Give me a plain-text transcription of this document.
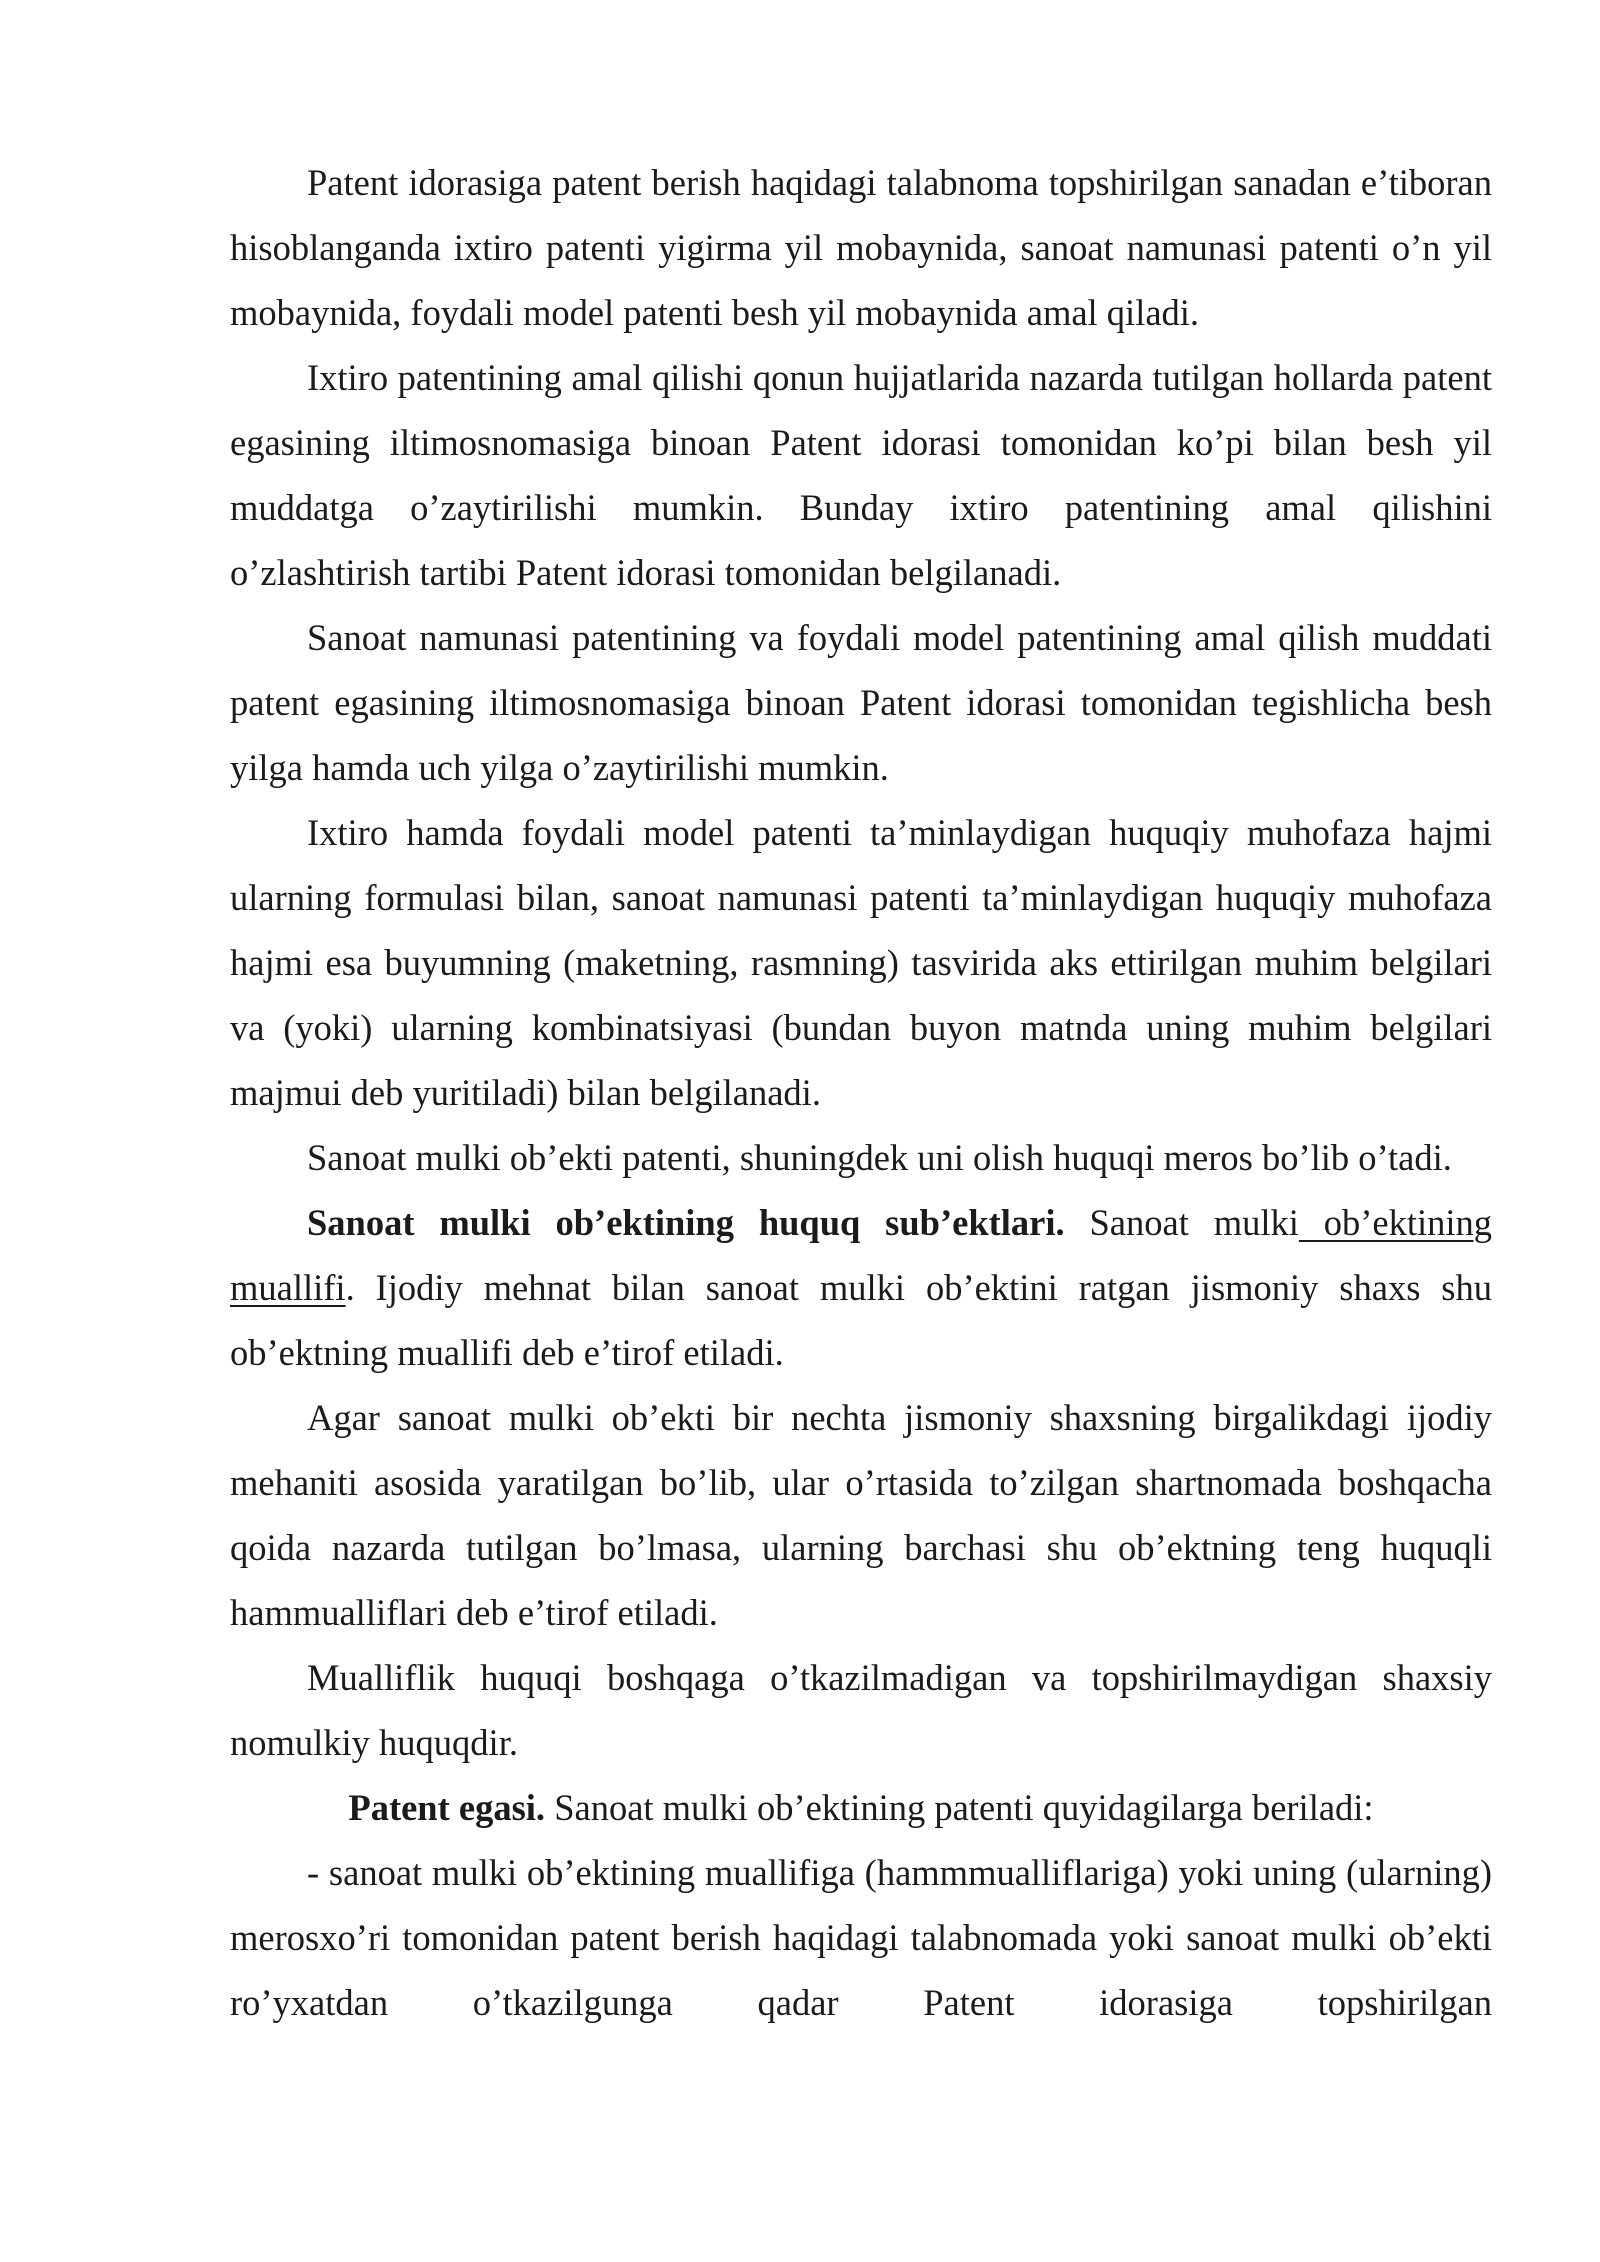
Patent idorasiga patent berish haqidagi talabnoma topshirilgan sanadan e’tiboran hisoblanganda ixtiro patenti yigirma yil mobaynida, sanoat namunasi patenti o’n yil mobaynida, foydali model patenti besh yil mobaynida amal qiladi.

Ixtiro patentining amal qilishi qonun hujjatlarida nazarda tutilgan hollarda patent egasining iltimosnomasiga binoan Patent idorasi tomonidan ko’pi bilan besh yil muddatga o’zaytirilishi mumkin. Bunday ixtiro patentining amal qilishini o’zlashtirish tartibi Patent idorasi tomonidan belgilanadi.

Sanoat namunasi patentining va foydali model patentining amal qilish muddati patent egasining iltimosnomasiga binoan Patent idorasi tomonidan tegishlicha besh yilga hamda uch yilga o’zaytirilishi mumkin.

Ixtiro hamda foydali model patenti ta’minlaydigan huquqiy muhofaza hajmi ularning formulasi bilan, sanoat namunasi patenti ta’minlaydigan huquqiy muhofaza hajmi esa buyumning (maketning, rasmning) tasvirida aks ettirilgan muhim belgilari va (yoki) ularning kombinatsiyasi (bundan buyon matnda uning muhim belgilari majmui deb yuritiladi) bilan belgilanadi.

Sanoat mulki ob’ekti patenti, shuningdek uni olish huquqi meros bo’lib o’tadi.

Sanoat mulki ob’ektining huquq sub’ektlari. Sanoat mulki ob’ektining muallifi. Ijodiy mehnat bilan sanoat mulki ob’ektini ratgan jismoniy shaxs shu ob’ektning muallifi deb e’tirof etiladi.

Agar sanoat mulki ob’ekti bir nechta jismoniy shaxsning birgalikdagi ijodiy mehaniti asosida yaratilgan bo’lib, ular o’rtasida to’zilgan shartnomada boshqacha qoida nazarda tutilgan bo’lmasa, ularning barchasi shu ob’ektning teng huquqli hammualliflari deb e’tirof etiladi.

Mualliflik huquqi boshqaga o’tkazilmadigan va topshirilmaydigan shaxsiy nomulkiy huquqdir.

Patent egasi. Sanoat mulki ob’ektining patenti quyidagilarga beriladi:

- sanoat mulki ob’ektining muallifiga (hammmualliflariga) yoki uning (ularning) merosxo’ri tomonidan patent berish haqidagi talabnomada yoki sanoat mulki ob’ekti ro’yxatdan o’tkazilgunga qadar Patent idorasiga topshirilgan
